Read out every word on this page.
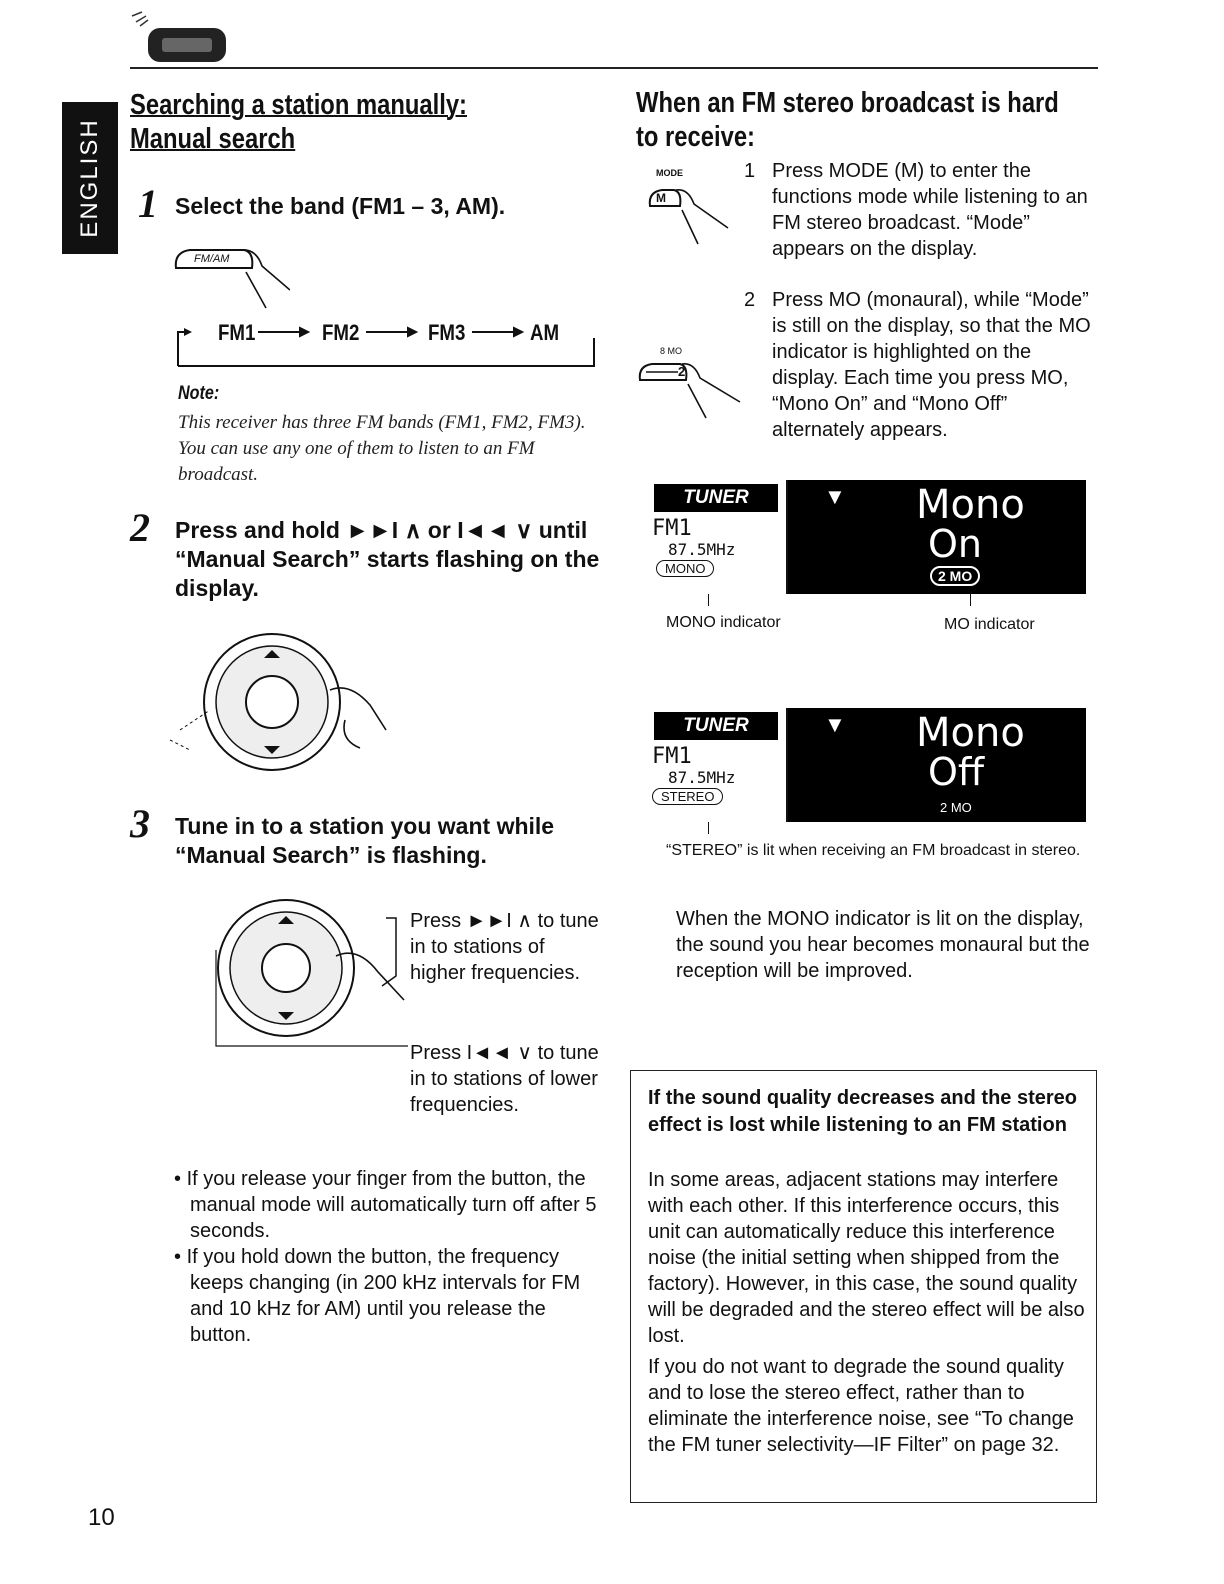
ENGLISH
Searching a station manually:
Manual search
1 Select the band (FM1 – 3, AM).
FM/AM
FM1	FM2	FM3	AM
Note:
This receiver has three FM bands (FM1, FM2, FM3). You can use any one of them to listen to an FM broadcast.
2 Press and hold ►►I ∧ or I◄◄ ∨ until “Manual Search” starts flashing on the display.
3 Tune in to a station you want while “Manual Search” is flashing.
Press ►►I ∧ to tune in to stations of higher frequencies.
Press I◄◄ ∨ to tune in to stations of lower frequencies.
• If you release your finger from the button, the manual mode will automatically turn off after 5 seconds.
• If you hold down the button, the frequency keeps changing (in 200 kHz intervals for FM and 10 kHz for AM) until you release the button.
10
When an FM stereo broadcast is hard to receive:
MODE
M
8 MO
2
1 Press MODE (M) to enter the functions mode while listening to an FM stereo broadcast. “Mode” appears on the display.
2 Press MO (monaural), while “Mode” is still on the display, so that the MO indicator is highlighted on the display. Each time you press MO, “Mono On” and “Mono Off” alternately appears.
TUNER
FM1
87.5MHz
MONO
▼ Mono
On
2 MO
MONO indicator	MO indicator
TUNER
FM1
87.5MHz
STEREO
▼ Mono
Off
2 MO
“STEREO” is lit when receiving an FM broadcast in stereo.
When the MONO indicator is lit on the display, the sound you hear becomes monaural but the reception will be improved.
If the sound quality decreases and the stereo effect is lost while listening to an FM station
In some areas, adjacent stations may interfere with each other. If this interference occurs, this unit can automatically reduce this interference noise (the initial setting when shipped from the factory). However, in this case, the sound quality will be degraded and the stereo effect will be also lost.
If you do not want to degrade the sound quality and to lose the stereo effect, rather than to eliminate the interference noise, see “To change the FM tuner selectivity—IF Filter” on page 32.
